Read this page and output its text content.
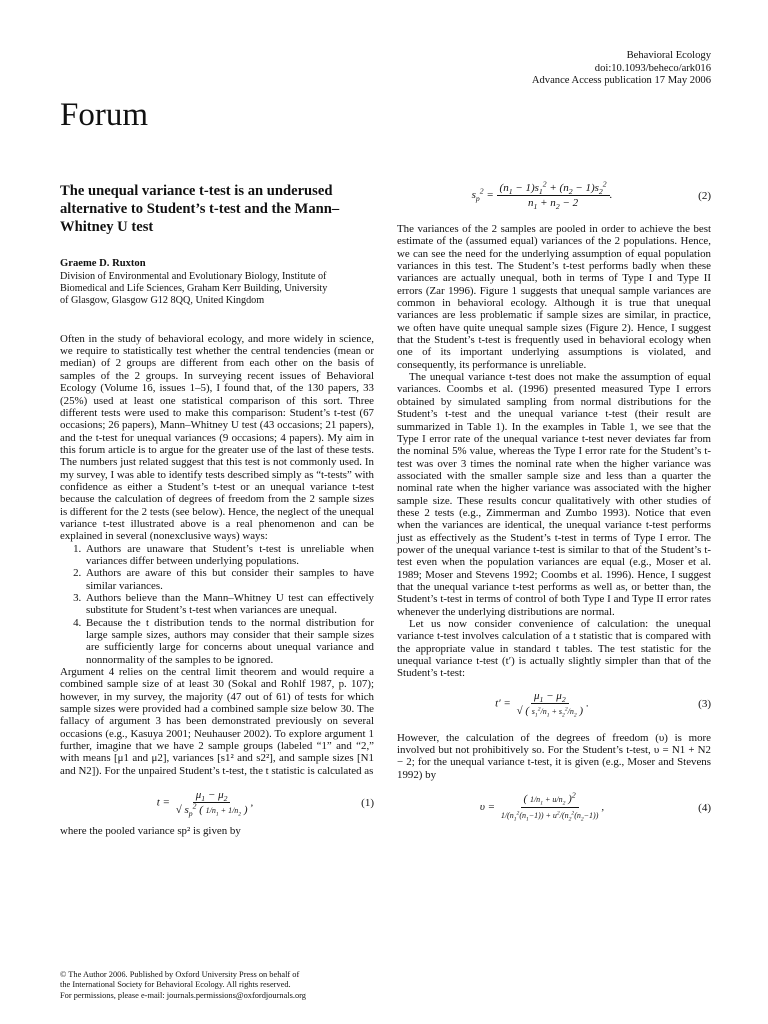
Behavioral Ecology
doi:10.1093/beheco/ark016
Advance Access publication 17 May 2006
Forum
The unequal variance t-test is an underused alternative to Student’s t-test and the Mann–Whitney U test
Graeme D. Ruxton
Division of Environmental and Evolutionary Biology, Institute of
Biomedical and Life Sciences, Graham Kerr Building, University
of Glasgow, Glasgow G12 8QQ, United Kingdom

Often in the study of behavioral ecology, and more widely in science, we require to statistically test whether the central tendencies (mean or median) of 2 groups are different from each other on the basis of samples of the 2 groups. In surveying recent issues of Behavioral Ecology (Volume 16, issues 1–5), I found that, of the 130 papers, 33 (25%) used at least one statistical comparison of this sort. Three different tests were used to make this comparison: Student’s t-test (67 occasions; 26 papers), Mann–Whitney U test (43 occasions; 21 papers), and the t-test for unequal variances (9 occasions; 4 papers). My aim in this forum article is to argue for the greater use of the last of these tests. The numbers just related suggest that this test is not commonly used. In my survey, I was able to identify tests described simply as “t-tests” with confidence as either a Student’s t-test or an unequal variance t-test because the calculation of degrees of freedom from the 2 sample sizes is different for the 2 tests (see below). Hence, the neglect of the unequal variance t-test illustrated above is a real phenomenon and can be explained in several (nonexclusive ways) ways:

1. Authors are unaware that Student’s t-test is unreliable when variances differ between underlying populations.
2. Authors are aware of this but consider their samples to have similar variances.
3. Authors believe than the Mann–Whitney U test can effectively substitute for Student’s t-test when variances are unequal.
4. Because the t distribution tends to the normal distribution for large sample sizes, authors may consider that their sample sizes are sufficiently large for concerns about unequal variance and nonnormality of the samples to be ignored.

Argument 4 relies on the central limit theorem and would require a combined sample size of at least 30 (Sokal and Rohlf 1987, p. 107); however, in my survey, the majority (47 out of 61) of tests for which sample sizes were provided had a combined sample size below 30. The fallacy of argument 3 has been demonstrated previously on several occasions (e.g., Kasuya 2001; Neuhauser 2002). To explore argument 1 further, imagine that we have 2 sample groups (labeled “1” and “2,” with means [μ1 and μ2], variances [s1² and s2²], and sample sizes [N1 and N2]). For the unpaired Student’s t-test, the t statistic is calculated as

$t = \frac{\mu_1 - \mu_2}{√ s_p^2 ( 1/n_1 + 1/n_2 )}$ ,	(1)

where the pooled variance sp² is given by

$s_p^2 = \frac{(n_1 - 1)s_1^2 + (n_2 - 1)s_2^2}{n_1 + n_2 - 2}$ .	(2)

The variances of the 2 samples are pooled in order to achieve the best estimate of the (assumed equal) variances of the 2 populations. Hence, we can see the need for the underlying assumption of equal population variances in this test. The Student’s t-test performs badly when these variances are actually unequal, both in terms of Type I and Type II errors (Zar 1996). Figure 1 suggests that unequal sample variances are common in behavioral ecology. Although it is true that unequal variances are less problematic if sample sizes are similar, in practice, we often have quite unequal sample sizes (Figure 2). Hence, I suggest that the Student’s t-test is frequently used in behavioral ecology when one of its important underlying assumptions is violated, and consequently, its performance is unreliable.

The unequal variance t-test does not make the assumption of equal variances. Coombs et al. (1996) presented measured Type I errors obtained by simulated sampling from normal distributions for the Student’s t-test and the unequal variance t-test (their result are summarized in Table 1). In the examples in Table 1, we see that the Type I error rate of the unequal variance t-test never deviates far from the nominal 5% value, whereas the Type I error rate for the Student’s t-test was over 3 times the nominal rate when the higher variance was associated with the smaller sample size and less than a quarter the nominal rate when the higher variance was associated with the higher sample size. These results concur qualitatively with other studies of these 2 tests (e.g., Zimmerman and Zumbo 1993). Notice that even when the variances are identical, the unequal variance t-test performs just as effectively as the Student’s t-test in terms of Type I error. The power of the unequal variance t-test is similar to that of the Student’s t-test even when the population variances are equal (e.g., Moser et al. 1989; Moser and Stevens 1992; Coombs et al. 1996). Hence, I suggest that the unequal variance t-test performs as well as, or better than, the Student’s t-test in terms of control of both Type I and Type II error rates whenever the underlying distributions are normal.

Let us now consider convenience of calculation: the unequal variance t-test involves calculation of a t statistic that is compared with the appropriate value in standard t tables. The test statistic for the unequal variance t-test (t′) is actually slightly simpler than that of the Student’s t-test:

$t' = \frac{\mu_1 - \mu_2}{√ ( s_1^2/n_1 + s_2^2/n_2 )}$ .	(3)

However, the calculation of the degrees of freedom (υ) is more involved but not prohibitively so. For the Student’s t-test, υ = N1 + N2 − 2; for the unequal variance t-test, it is given (e.g., Moser and Stevens 1992) by

$\upsilon = \frac{( 1/n_1 + u/n_2 )^2}{1/(n_1^2(n_1-1)) + u^2/(n_2^2(n_2-1))}$ ,	(4)
© The Author 2006. Published by Oxford University Press on behalf of
the International Society for Behavioral Ecology. All rights reserved.
For permissions, please e-mail: journals.permissions@oxfordjournals.org
